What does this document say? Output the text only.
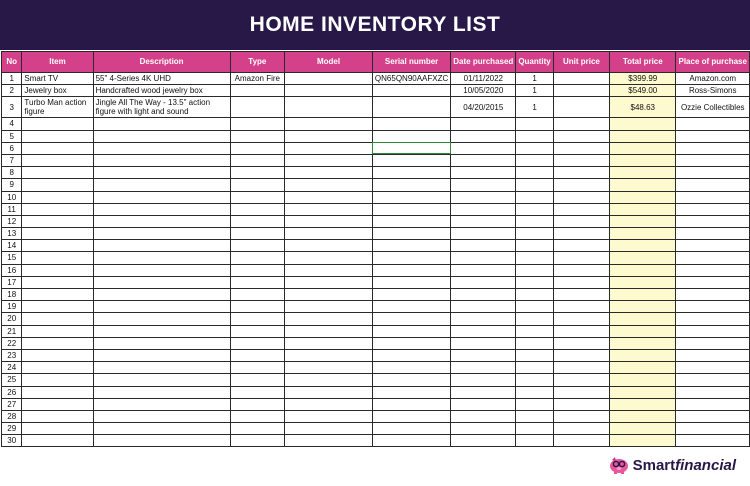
HOME INVENTORY LIST
No	Item	Description	Type	Model	Serial number	Date purchased	Quantity	Unit price	Total price	Place of purchase
1	Smart TV	55" 4-Series 4K UHD	Amazon Fire		QN65QN90AAFXZC	01/11/2022	1		$399.99	Amazon.com
2	Jewelry box	Handcrafted wood jewelry box				10/05/2020	1		$549.00	Ross-Simons
3	Turbo Man action figure	Jingle All The Way - 13.5" action figure with light and sound				04/20/2015	1		$48.63	Ozzie Collectibles
4										
5										
6										
7										
8										
9										
10										
11										
12										
13										
14										
15										
16										
17										
18										
19										
20										
21										
22										
23										
24										
25										
26										
27										
28										
29										
30										
Smartfinancial
